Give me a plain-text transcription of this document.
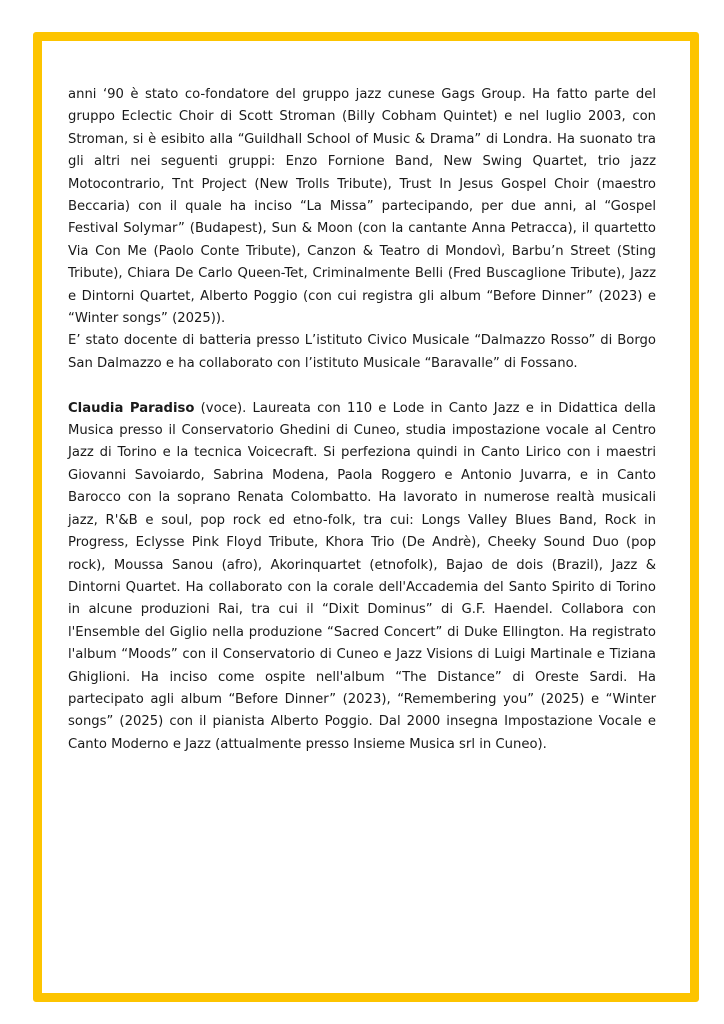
anni ‘90 è stato co-fondatore del gruppo jazz cunese Gags Group. Ha fatto parte del gruppo Eclectic Choir di Scott Stroman (Billy Cobham Quintet) e nel luglio 2003, con Stroman, si è esibito alla “Guildhall School of Music & Drama” di Londra. Ha suonato tra gli altri nei seguenti gruppi: Enzo Fornione Band, New Swing Quartet, trio jazz Motocontrario, Tnt Project (New Trolls Tribute), Trust In Jesus Gospel Choir (maestro Beccaria) con il quale ha inciso “La Missa” partecipando, per due anni, al “Gospel Festival Solymar” (Budapest), Sun & Moon (con la cantante Anna Petracca), il quartetto Via Con Me (Paolo Conte Tribute), Canzon & Teatro di Mondovì, Barbu’n Street (Sting Tribute), Chiara De Carlo Queen-Tet, Criminalmente Belli (Fred Buscaglione Tribute), Jazz e Dintorni Quartet, Alberto Poggio (con cui registra gli album “Before Dinner” (2023) e “Winter songs” (2025)).

E’ stato docente di batteria presso L’istituto Civico Musicale “Dalmazzo Rosso” di Borgo San Dalmazzo e ha collaborato con l’istituto Musicale “Baravalle” di Fossano.

Claudia Paradiso (voce). Laureata con 110 e Lode in Canto Jazz e in Didattica della Musica presso il Conservatorio Ghedini di Cuneo, studia impostazione vocale al Centro Jazz di Torino e la tecnica Voicecraft. Si perfeziona quindi in Canto Lirico con i maestri Giovanni Savoiardo, Sabrina Modena, Paola Roggero e Antonio Juvarra, e in Canto Barocco con la soprano Renata Colombatto. Ha lavorato in numerose realtà musicali jazz, R'&B e soul, pop rock ed etno-folk, tra cui: Longs Valley Blues Band, Rock in Progress, Eclysse Pink Floyd Tribute, Khora Trio (De Andrè), Cheeky Sound Duo (pop rock), Moussa Sanou (afro), Akorinquartet (etnofolk), Bajao de dois (Brazil), Jazz & Dintorni Quartet. Ha collaborato con la corale dell'Accademia del Santo Spirito di Torino in alcune produzioni Rai, tra cui il “Dixit Dominus” di G.F. Haendel. Collabora con l'Ensemble del Giglio nella produzione “Sacred Concert” di Duke Ellington. Ha registrato l'album “Moods” con il Conservatorio di Cuneo e Jazz Visions di Luigi Martinale e Tiziana Ghiglioni. Ha inciso come ospite nell'album “The Distance” di Oreste Sardi. Ha partecipato agli album “Before Dinner” (2023), “Remembering you” (2025) e “Winter songs” (2025) con il pianista Alberto Poggio. Dal 2000 insegna Impostazione Vocale e Canto Moderno e Jazz (attualmente presso Insieme Musica srl in Cuneo).
